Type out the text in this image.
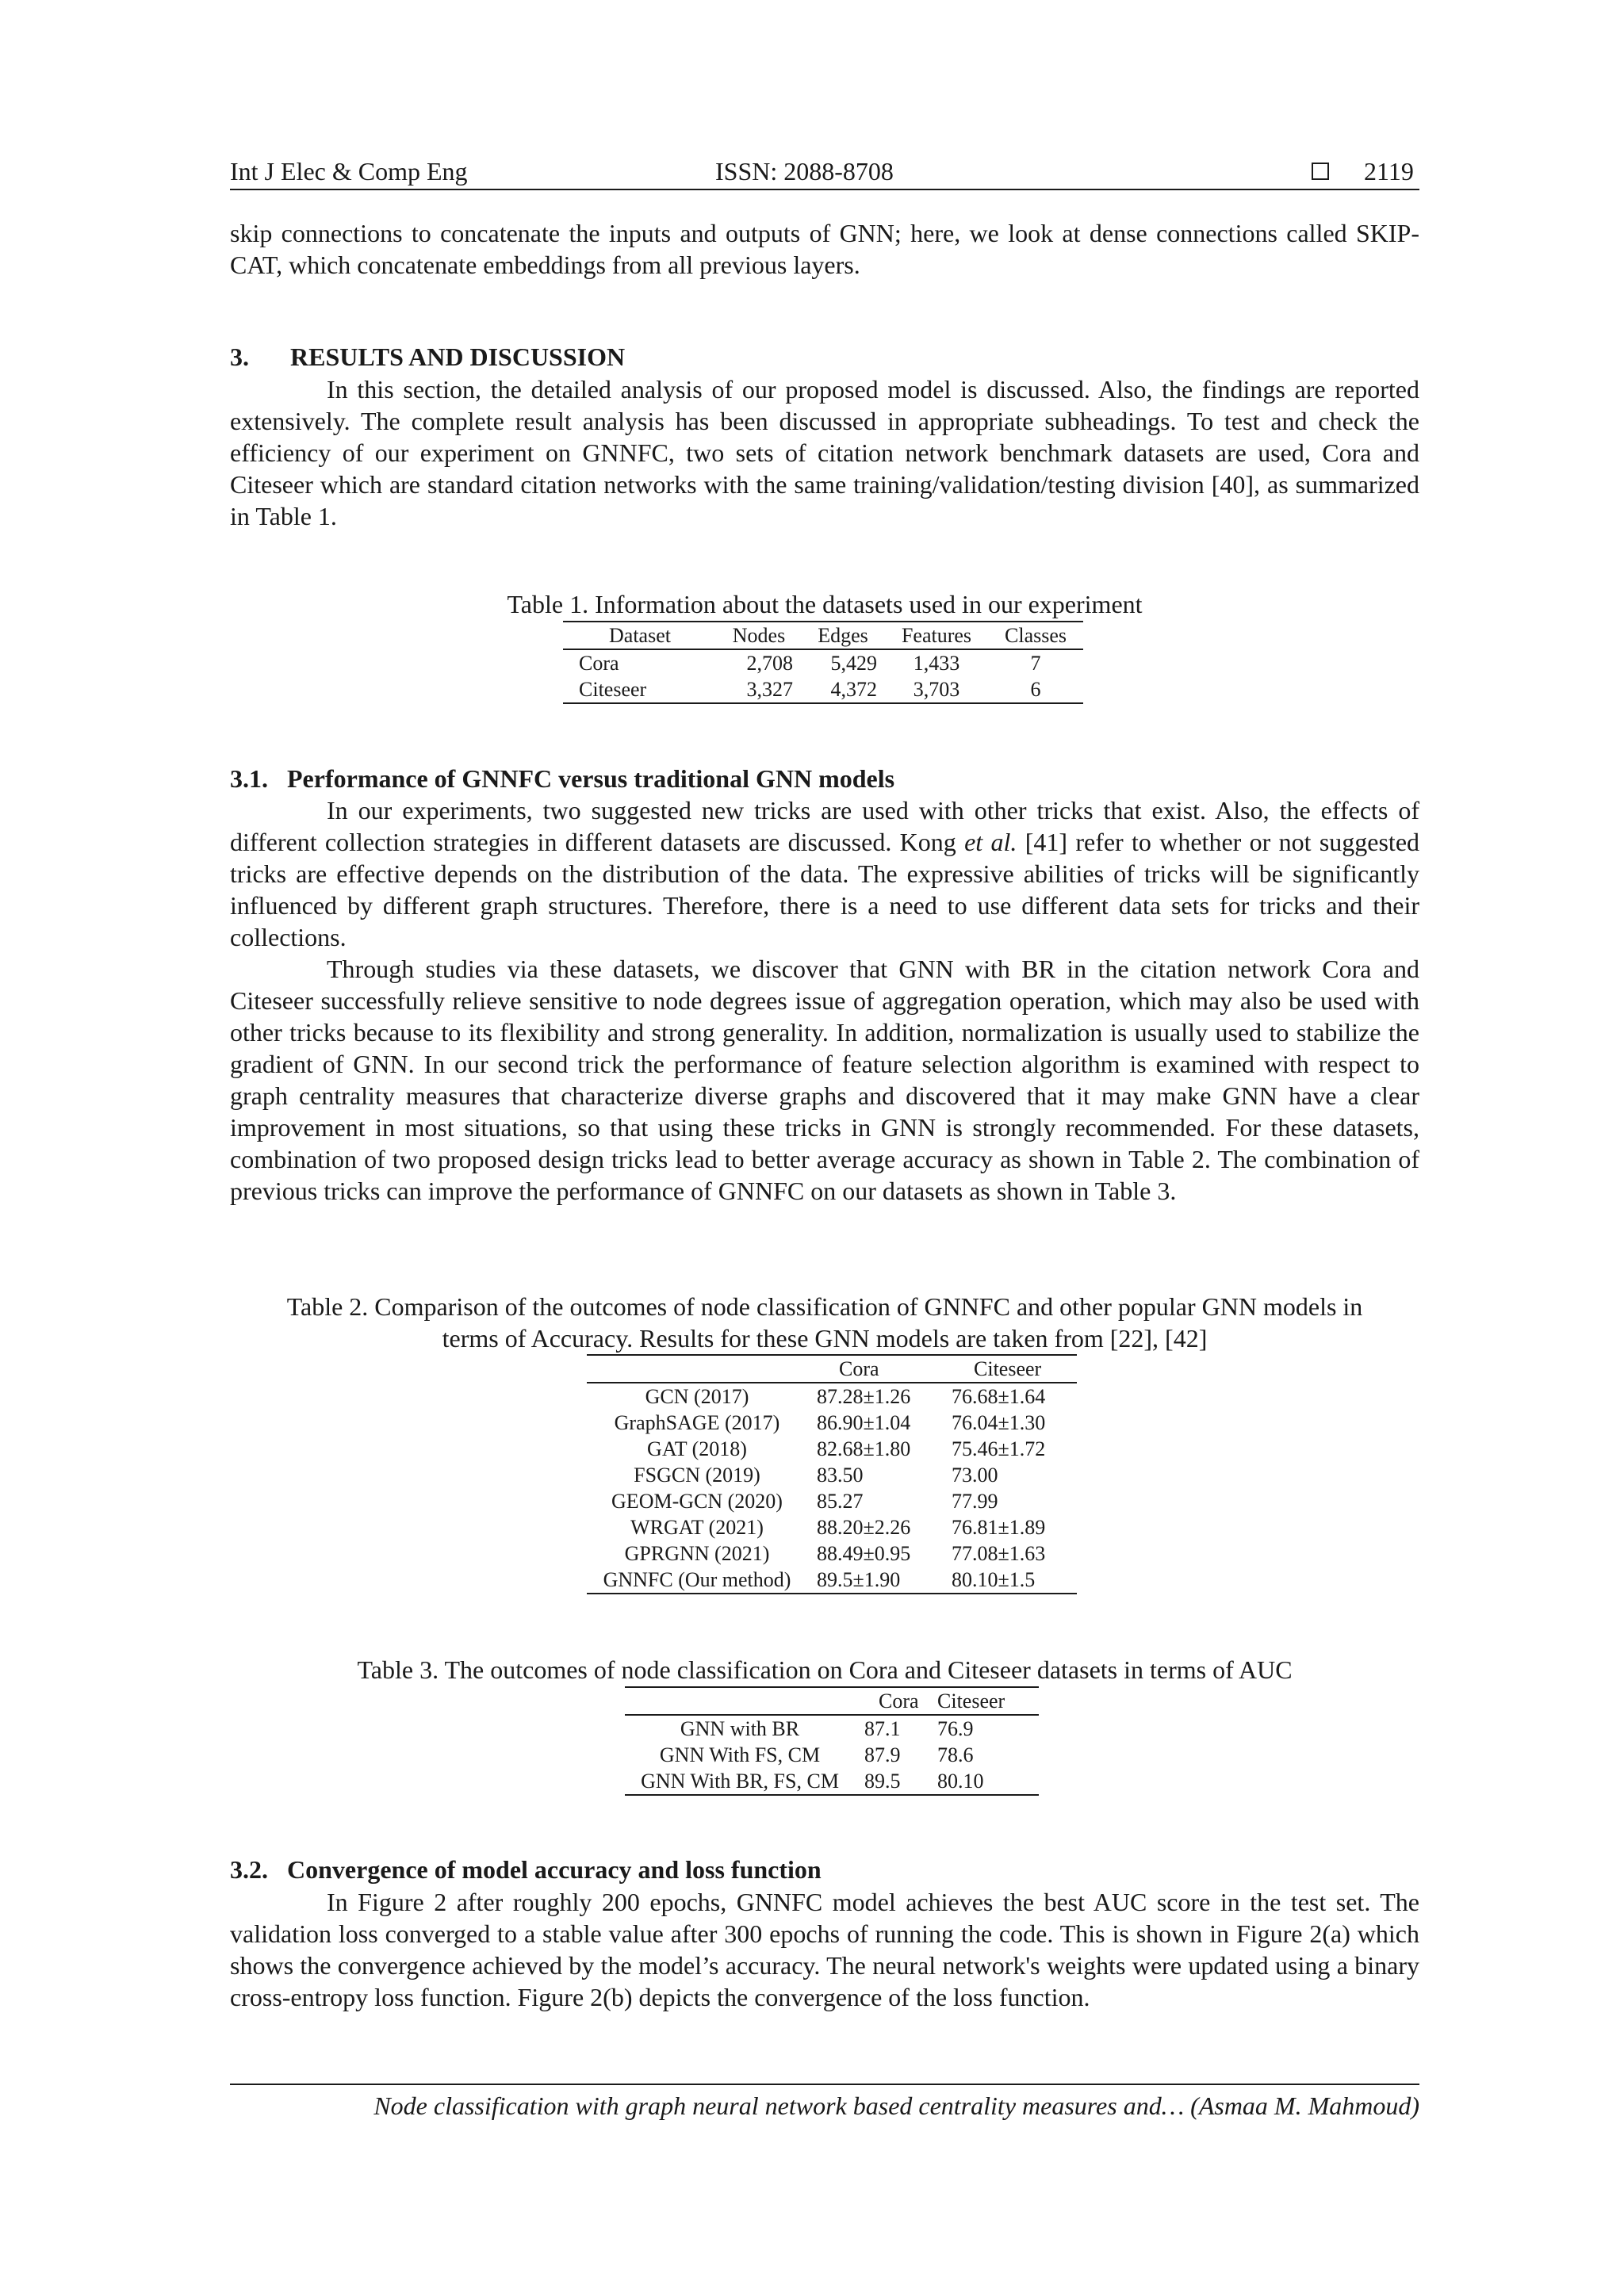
Int J Elec & Comp Eng	ISSN: 2088-8708	2119

skip connections to concatenate the inputs and outputs of GNN; here, we look at dense connections called SKIP-CAT, which concatenate embeddings from all previous layers.

3. RESULTS AND DISCUSSION

In this section, the detailed analysis of our proposed model is discussed. Also, the findings are reported extensively. The complete result analysis has been discussed in appropriate subheadings. To test and check the efficiency of our experiment on GNNFC, two sets of citation network benchmark datasets are used, Cora and Citeseer which are standard citation networks with the same training/validation/testing division [40], as summarized in Table 1.

Table 1. Information about the datasets used in our experiment
Dataset	Nodes	Edges	Features	Classes
Cora	2,708	5,429	1,433	7
Citeseer	3,327	4,372	3,703	6
3.1. Performance of GNNFC versus traditional GNN models

In our experiments, two suggested new tricks are used with other tricks that exist. Also, the effects of different collection strategies in different datasets are discussed. Kong et al. [41] refer to whether or not suggested tricks are effective depends on the distribution of the data. The expressive abilities of tricks will be significantly influenced by different graph structures. Therefore, there is a need to use different data sets for tricks and their collections.

Through studies via these datasets, we discover that GNN with BR in the citation network Cora and Citeseer successfully relieve sensitive to node degrees issue of aggregation operation, which may also be used with other tricks because to its flexibility and strong generality. In addition, normalization is usually used to stabilize the gradient of GNN. In our second trick the performance of feature selection algorithm is examined with respect to graph centrality measures that characterize diverse graphs and discovered that it may make GNN have a clear improvement in most situations, so that using these tricks in GNN is strongly recommended. For these datasets, combination of two proposed design tricks lead to better average accuracy as shown in Table 2. The combination of previous tricks can improve the performance of GNNFC on our datasets as shown in Table 3.

Table 2. Comparison of the outcomes of node classification of GNNFC and other popular GNN models in
terms of Accuracy. Results for these GNN models are taken from [22], [42]
	Cora	Citeseer
GCN (2017)	87.28±1.26	76.68±1.64
GraphSAGE (2017)	86.90±1.04	76.04±1.30
GAT (2018)	82.68±1.80	75.46±1.72
FSGCN (2019)	83.50	73.00
GEOM-GCN (2020)	85.27	77.99
WRGAT (2021)	88.20±2.26	76.81±1.89
GPRGNN (2021)	88.49±0.95	77.08±1.63
GNNFC (Our method)	89.5±1.90	80.10±1.5
Table 3. The outcomes of node classification on Cora and Citeseer datasets in terms of AUC
	Cora	Citeseer
GNN with BR	87.1	76.9
GNN With FS, CM	87.9	78.6
GNN With BR, FS, CM	89.5	80.10
3.2. Convergence of model accuracy and loss function

In Figure 2 after roughly 200 epochs, GNNFC model achieves the best AUC score in the test set. The validation loss converged to a stable value after 300 epochs of running the code. This is shown in Figure 2(a) which shows the convergence achieved by the model’s accuracy. The neural network's weights were updated using a binary cross-entropy loss function. Figure 2(b) depicts the convergence of the loss function.

Node classification with graph neural network based centrality measures and… (Asmaa M. Mahmoud)
